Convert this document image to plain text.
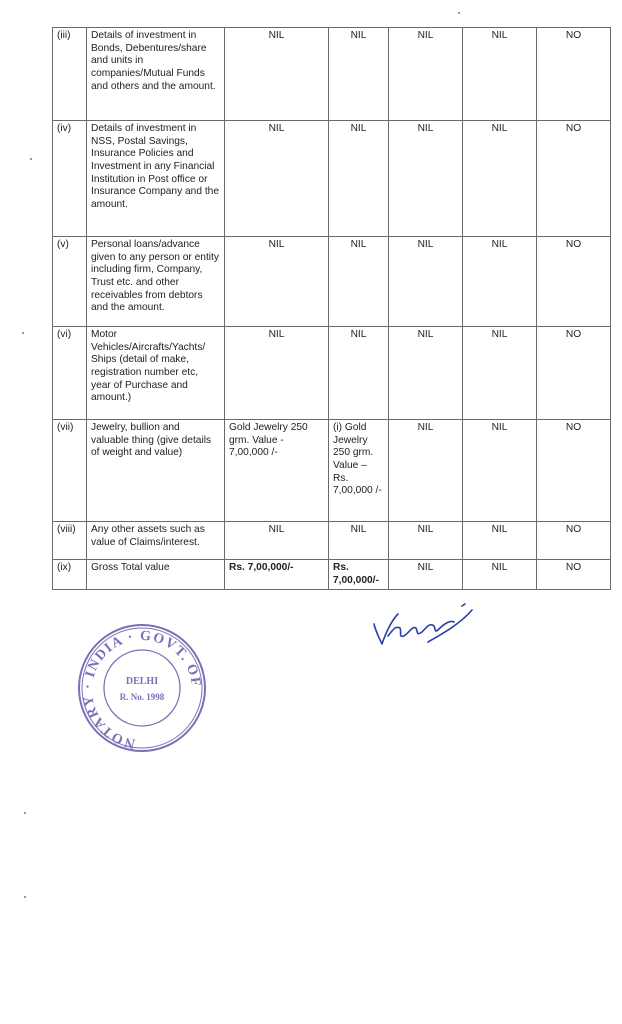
(iii)	Details of investment in Bonds, Debentures/share and units in companies/Mutual Funds and others and the amount.	NIL	NIL	NIL	NIL	NO
(iv)	Details of investment in NSS, Postal Savings, Insurance Policies and Investment in any Financial Institution in Post office or Insurance Company and the amount.	NIL	NIL	NIL	NIL	NO
(v)	Personal loans/advance given to any person or entity including firm, Company, Trust etc. and other receivables from debtors and the amount.	NIL	NIL	NIL	NIL	NO
(vi)	Motor Vehicles/Aircrafts/Yachts/ Ships (detail of make, registration number etc, year of Purchase and amount.)	NIL	NIL	NIL	NIL	NO
(vii)	Jewelry, bullion and valuable thing (give details of weight and value)	Gold Jewelry 250 grm. Value - 7,00,000 /-	(i) Gold Jewelry 250 grm. Value – Rs. 7,00,000 /-	NIL	NIL	NO
(viii)	Any other assets such as value of Claims/interest.	NIL	NIL	NIL	NIL	NO
(ix)	Gross Total value	Rs. 7,00,000/-	Rs. 7,00,000/-	NIL	NIL	NO
NOTARY · INDIA · GOVT. OF
DELHI
R. No. 1998
